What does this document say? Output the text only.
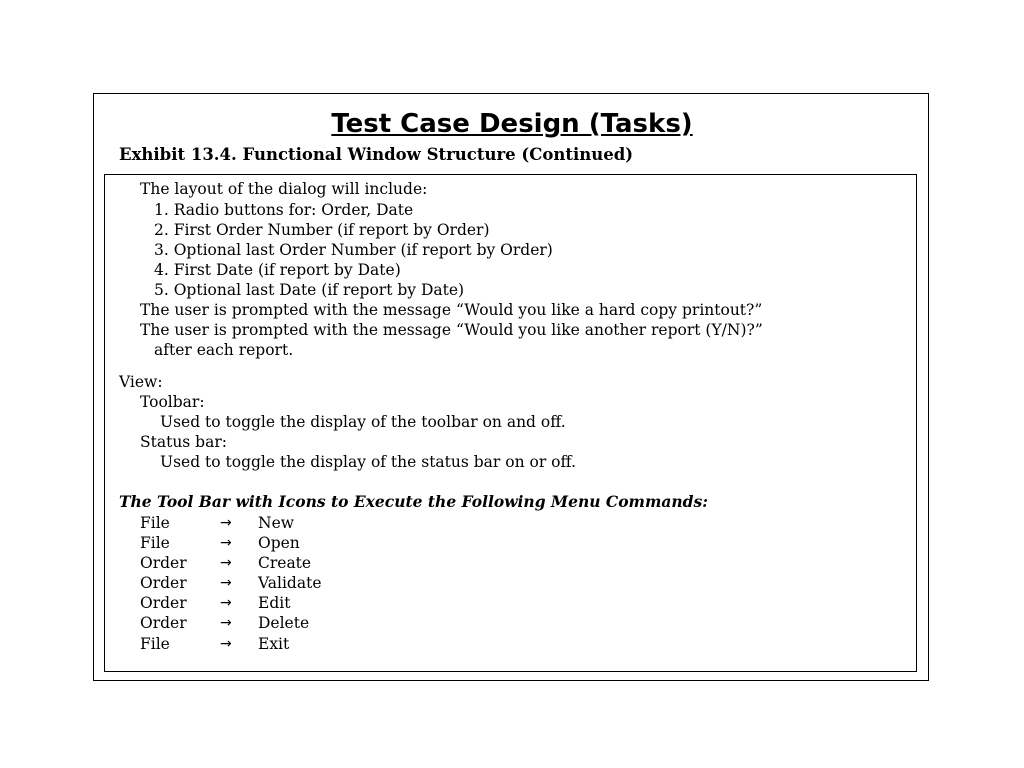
Test Case Design (Tasks)
Exhibit 13.4. Functional Window Structure (Continued)
The layout of the dialog will include:
1. Radio buttons for: Order, Date
2. First Order Number (if report by Order)
3. Optional last Order Number (if report by Order)
4. First Date (if report by Date)
5. Optional last Date (if report by Date)
The user is prompted with the message “Would you like a hard copy printout?”
The user is prompted with the message “Would you like another report (Y/N)?”
after each report.
View:
Toolbar:
Used to toggle the display of the toolbar on and off.
Status bar:
Used to toggle the display of the status bar on or off.
The Tool Bar with Icons to Execute the Following Menu Commands:
File	→ New
File	→ Open
Order → Create
Order → Validate
Order → Edit
Order → Delete
File	→ Exit
